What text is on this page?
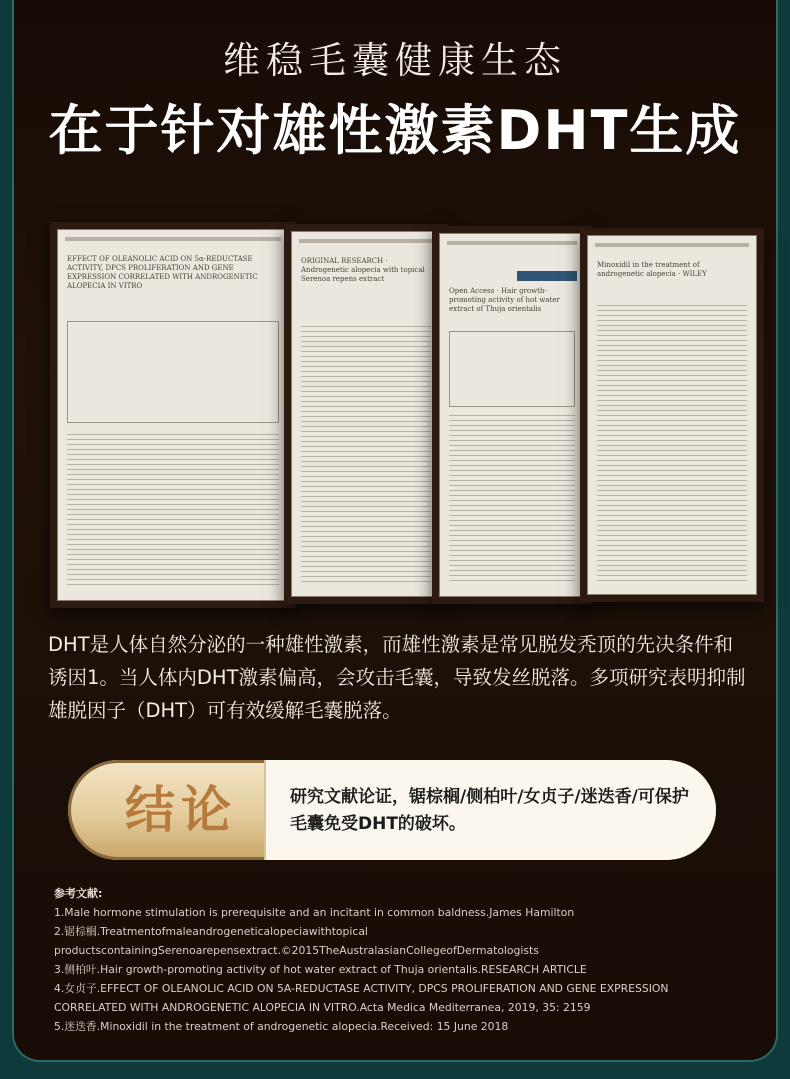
维稳毛囊健康生态
在于针对雄性激素DHT生成
EFFECT OF OLEANOLIC ACID ON 5α-REDUCTASE ACTIVITY, DPCS PROLIFERATION AND GENE EXPRESSION CORRELATED WITH ANDROGENETIC ALOPECIA IN VITRO
ORIGINAL RESEARCH · Androgenetic alopecia with topical Serenoa repens extract
Open Access · Hair growth-promoting activity of hot water extract of Thuja orientalis
Minoxidil in the treatment of androgenetic alopecia · WILEY
DHT是人体自然分泌的一种雄性激素，而雄性激素是常见脱发秃顶的先决条件和诱因1。当人体内DHT激素偏高，会攻击毛囊，导致发丝脱落。多项研究表明抑制雄脱因子（DHT）可有效缓解毛囊脱落。
结论	研究文献论证，锯棕榈/侧柏叶/女贞子/迷迭香/可保护毛囊免受DHT的破坏。
参考文献:
1.Male hormone stimulation is prerequisite and an incitant in common baldness.James Hamilton
2.锯棕榈.Treatmentofmaleandrogeneticalopeciawithtopical
productscontainingSerenoarepensextract.©2015TheAustralasianCollegeofDermatologists
3.侧柏叶.Hair growth-promoting activity of hot water extract of Thuja orientalis.RESEARCH ARTICLE
4.女贞子.EFFECT OF OLEANOLIC ACID ON 5A-REDUCTASE ACTIVITY, DPCS PROLIFERATION AND GENE EXPRESSION
CORRELATED WITH ANDROGENETIC ALOPECIA IN VITRO.Acta Medica Mediterranea, 2019, 35: 2159
5.迷迭香.Minoxidil in the treatment of androgenetic alopecia.Received: 15 June 2018
